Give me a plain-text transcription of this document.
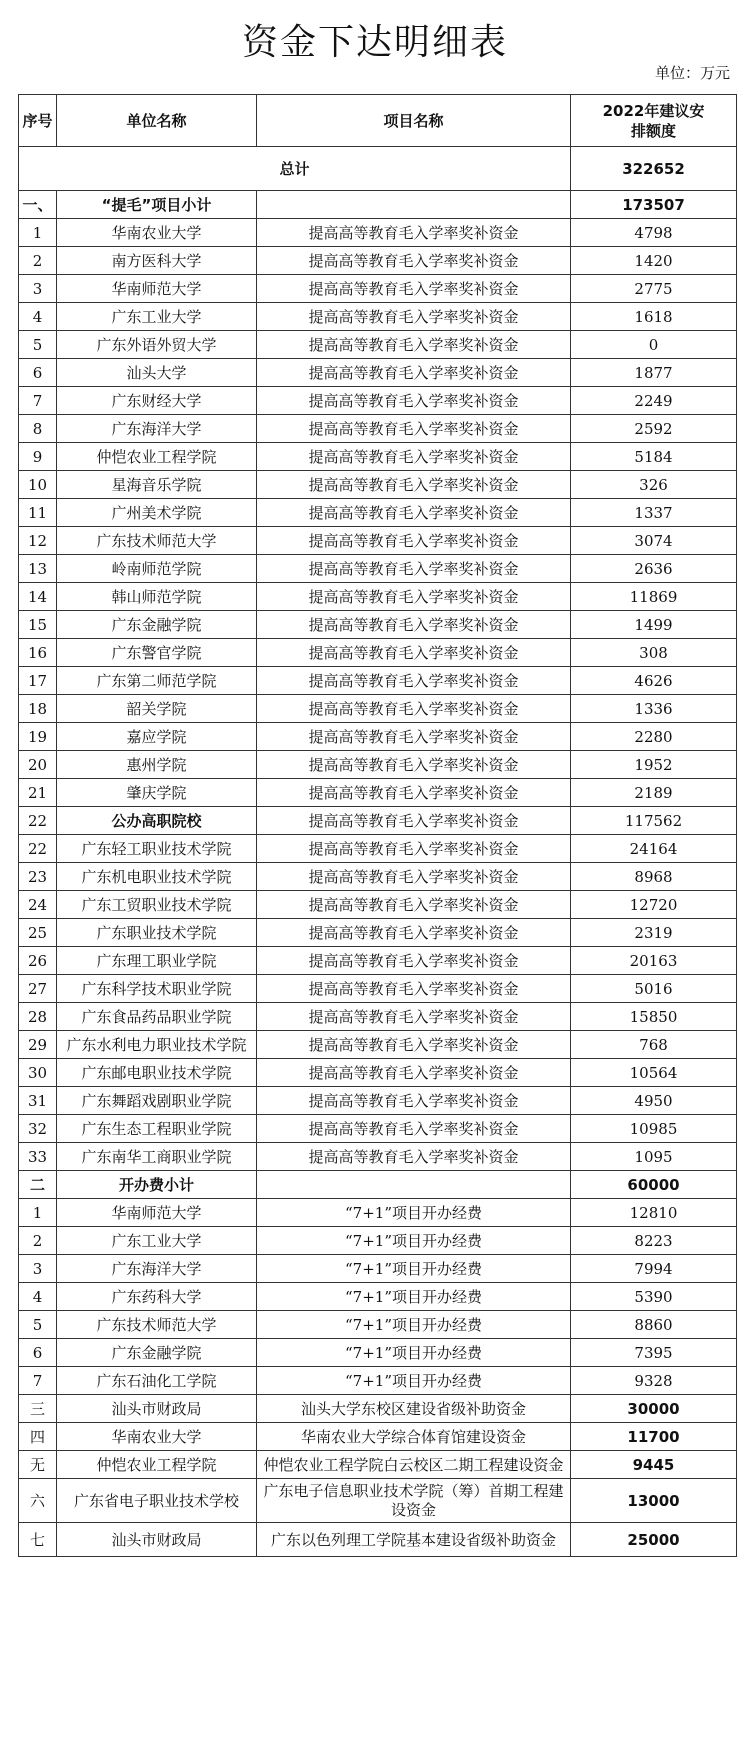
资金下达明细表
单位：万元
序号	单位名称	项目名称	2022年建议安排额度
总计			322652
一、	“提毛”项目小计		173507
1	华南农业大学	提高高等教育毛入学率奖补资金	4798
2	南方医科大学	提高高等教育毛入学率奖补资金	1420
3	华南师范大学	提高高等教育毛入学率奖补资金	2775
4	广东工业大学	提高高等教育毛入学率奖补资金	1618
5	广东外语外贸大学	提高高等教育毛入学率奖补资金	0
6	汕头大学	提高高等教育毛入学率奖补资金	1877
7	广东财经大学	提高高等教育毛入学率奖补资金	2249
8	广东海洋大学	提高高等教育毛入学率奖补资金	2592
9	仲恺农业工程学院	提高高等教育毛入学率奖补资金	5184
10	星海音乐学院	提高高等教育毛入学率奖补资金	326
11	广州美术学院	提高高等教育毛入学率奖补资金	1337
12	广东技术师范大学	提高高等教育毛入学率奖补资金	3074
13	岭南师范学院	提高高等教育毛入学率奖补资金	2636
14	韩山师范学院	提高高等教育毛入学率奖补资金	11869
15	广东金融学院	提高高等教育毛入学率奖补资金	1499
16	广东警官学院	提高高等教育毛入学率奖补资金	308
17	广东第二师范学院	提高高等教育毛入学率奖补资金	4626
18	韶关学院	提高高等教育毛入学率奖补资金	1336
19	嘉应学院	提高高等教育毛入学率奖补资金	2280
20	惠州学院	提高高等教育毛入学率奖补资金	1952
21	肇庆学院	提高高等教育毛入学率奖补资金	2189
22	公办高职院校	提高高等教育毛入学率奖补资金	117562
22	广东轻工职业技术学院	提高高等教育毛入学率奖补资金	24164
23	广东机电职业技术学院	提高高等教育毛入学率奖补资金	8968
24	广东工贸职业技术学院	提高高等教育毛入学率奖补资金	12720
25	广东职业技术学院	提高高等教育毛入学率奖补资金	2319
26	广东理工职业学院	提高高等教育毛入学率奖补资金	20163
27	广东科学技术职业学院	提高高等教育毛入学率奖补资金	5016
28	广东食品药品职业学院	提高高等教育毛入学率奖补资金	15850
29	广东水利电力职业技术学院	提高高等教育毛入学率奖补资金	768
30	广东邮电职业技术学院	提高高等教育毛入学率奖补资金	10564
31	广东舞蹈戏剧职业学院	提高高等教育毛入学率奖补资金	4950
32	广东生态工程职业学院	提高高等教育毛入学率奖补资金	10985
33	广东南华工商职业学院	提高高等教育毛入学率奖补资金	1095
二	开办费小计		60000
1	华南师范大学	“7+1”项目开办经费	12810
2	广东工业大学	“7+1”项目开办经费	8223
3	广东海洋大学	“7+1”项目开办经费	7994
4	广东药科大学	“7+1”项目开办经费	5390
5	广东技术师范大学	“7+1”项目开办经费	8860
6	广东金融学院	“7+1”项目开办经费	7395
7	广东石油化工学院	“7+1”项目开办经费	9328
三	汕头市财政局	汕头大学东校区建设省级补助资金	30000
四	华南农业大学	华南农业大学综合体育馆建设资金	11700
无	仲恺农业工程学院	仲恺农业工程学院白云校区二期工程建设资金	9445
六	广东省电子职业技术学校	广东电子信息职业技术学院（筹）首期工程建设资金	13000
七	汕头市财政局	广东以色列理工学院基本建设省级补助资金	25000
